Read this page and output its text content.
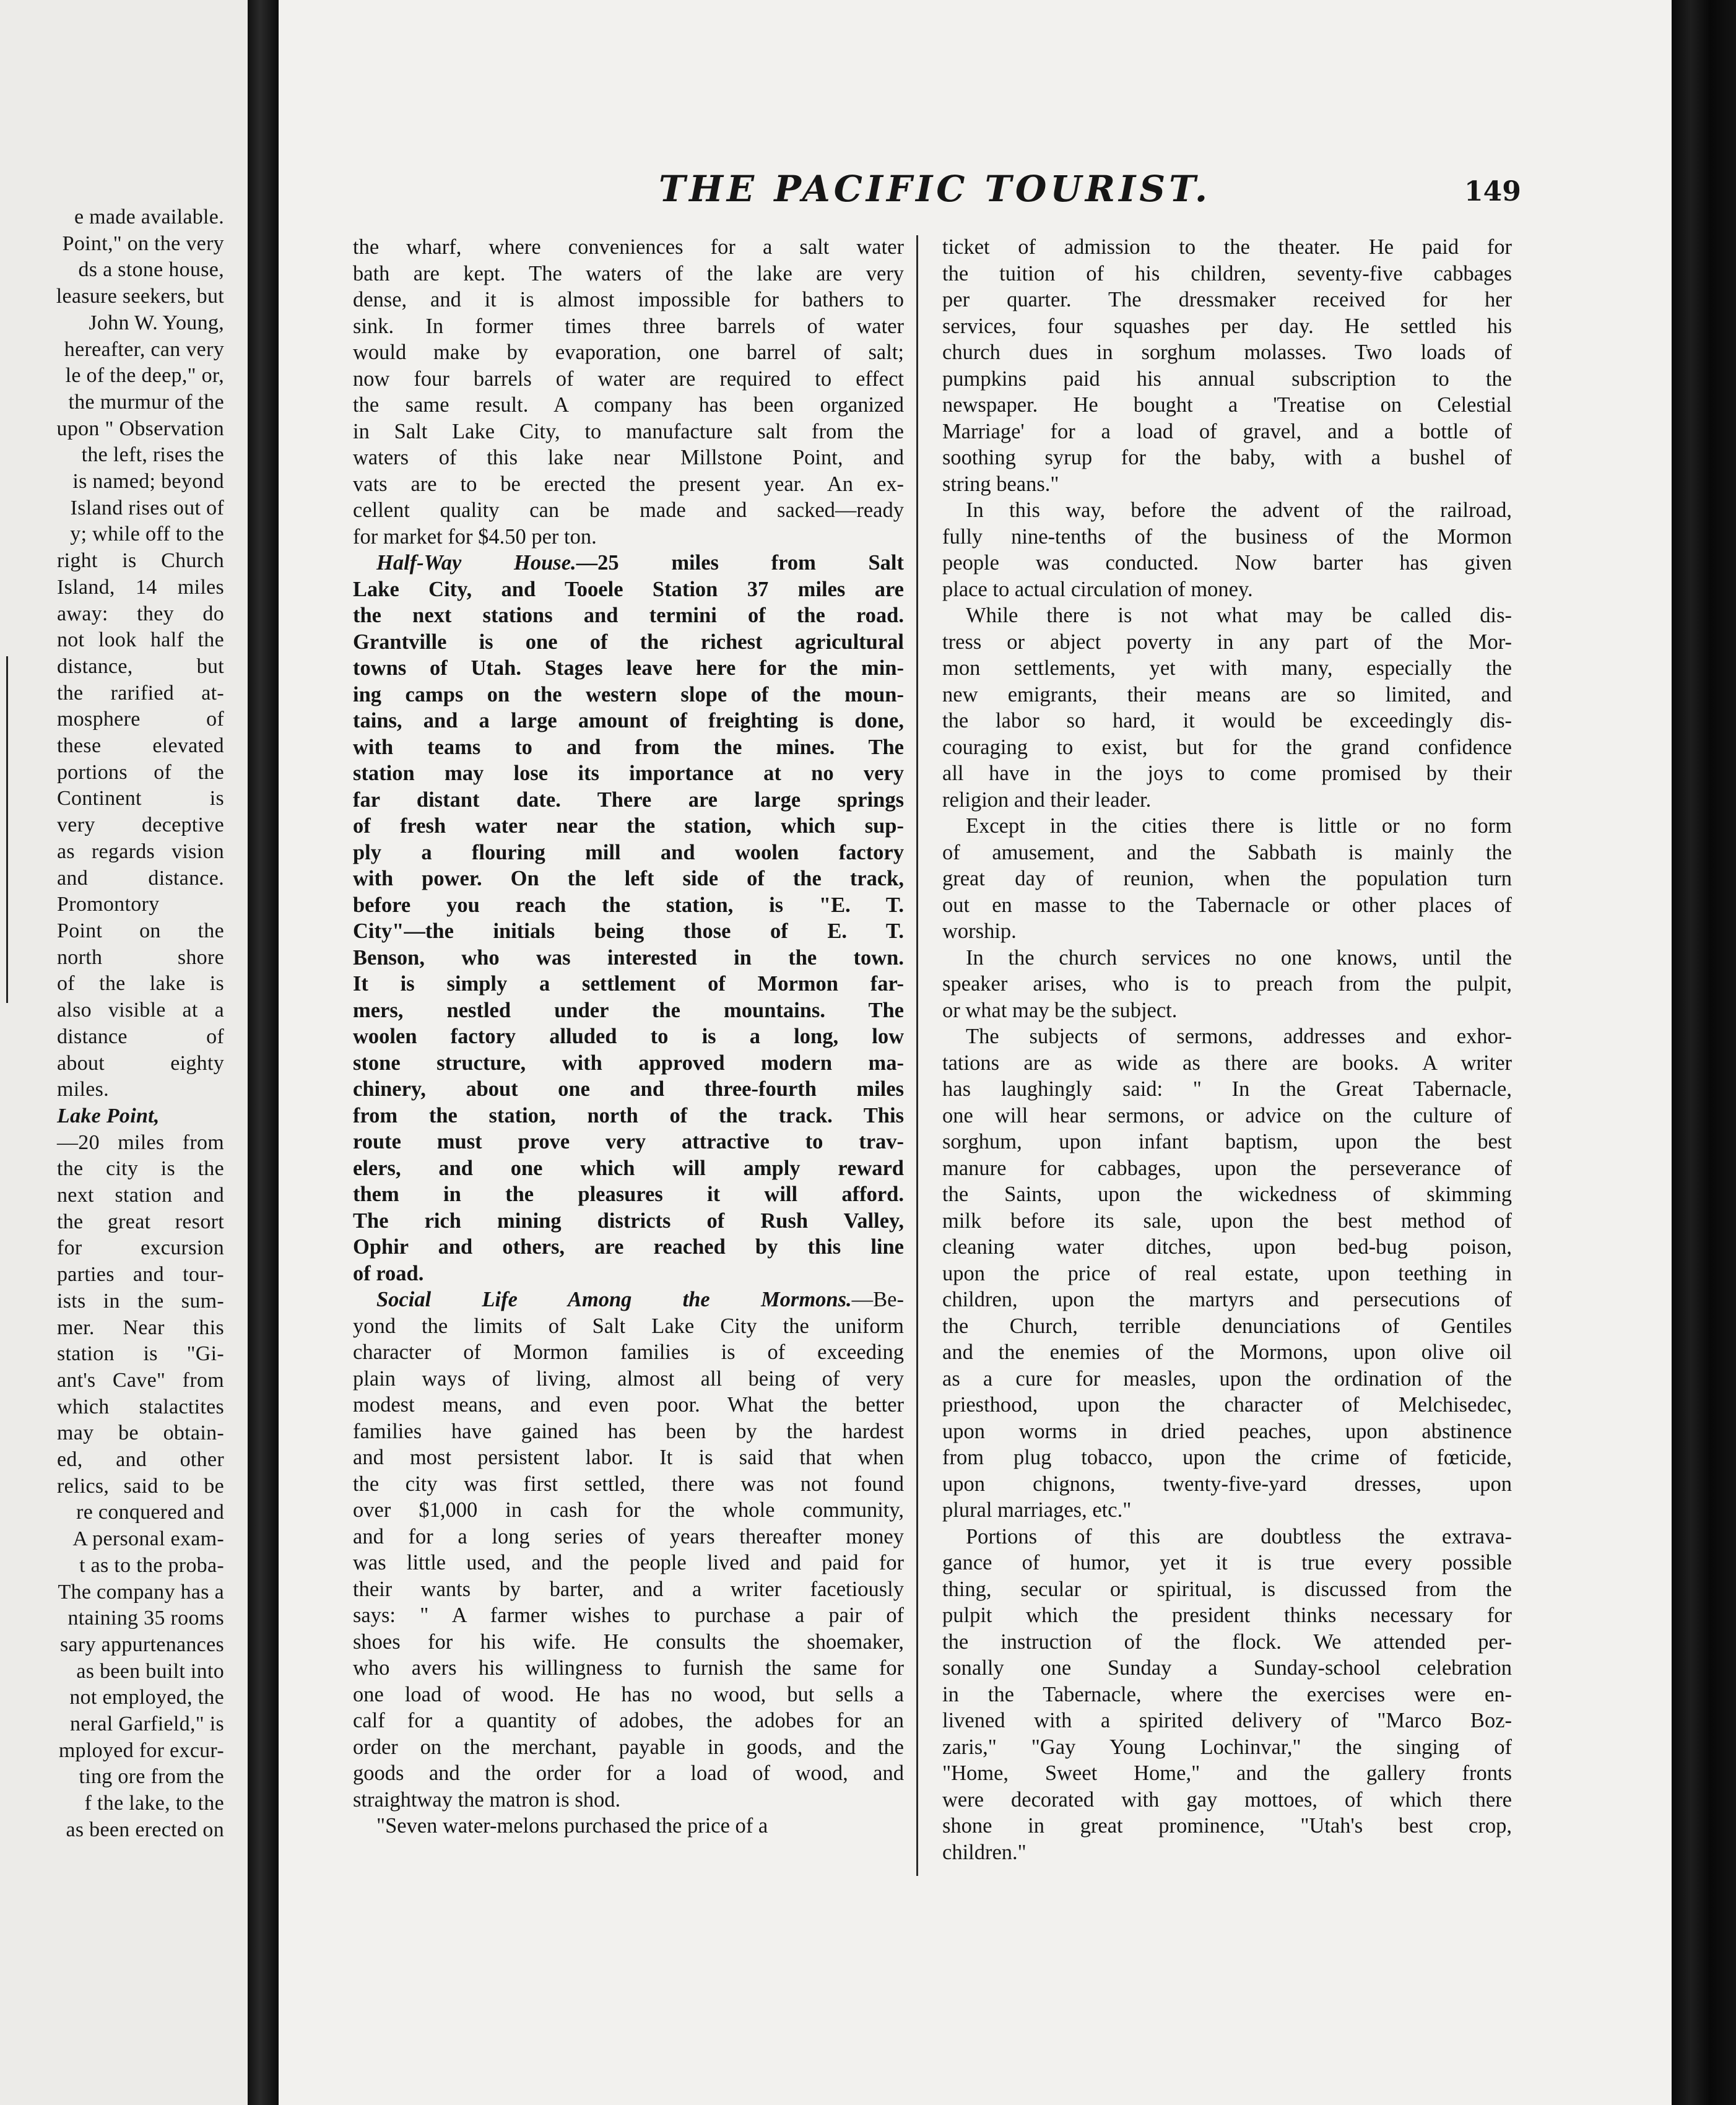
e made available.
Point," on the very
ds a stone house,
leasure seekers, but
John W. Young,
hereafter, can very
le of the deep," or,
the murmur of the
upon " Observation
the left, rises the
is named; beyond
Island rises out of
y; while off to the
right is Church
Island, 14 miles
away: they do
not look half the
distance, but
the rarified at-
mosphere of
these elevated
portions of the
Continent is
very deceptive
as regards vision
and distance.
Promontory
Point on the
north shore
of the lake is
also visible at a
distance of
about eighty
miles.
Lake Point,
—20 miles from
the city is the
next station and
the great resort
for excursion
parties and tour-
ists in the sum-
mer. Near this
station is "Gi-
ant's Cave" from
which stalactites
may be obtain-
ed, and other
relics, said to be
re conquered and
A personal exam-
t as to the proba-
The company has a
ntaining 35 rooms
sary appurtenances
as been built into
not employed, the
neral Garfield," is
mployed for excur-
ting ore from the
f the lake, to the
as been erected on
THE PACIFIC TOURIST.	149
the wharf, where conveniences for a salt water
bath are kept. The waters of the lake are very
dense, and it is almost impossible for bathers to
sink. In former times three barrels of water
would make by evaporation, one barrel of salt;
now four barrels of water are required to effect
the same result. A company has been organized
in Salt Lake City, to manufacture salt from the
waters of this lake near Millstone Point, and
vats are to be erected the present year. An ex-
cellent quality can be made and sacked—ready
for market for $4.50 per ton.
Half-Way House.—25 miles from Salt
Lake City, and Tooele Station 37 miles are
the next stations and termini of the road.
Grantville is one of the richest agricultural
towns of Utah. Stages leave here for the min-
ing camps on the western slope of the moun-
tains, and a large amount of freighting is done,
with teams to and from the mines. The
station may lose its importance at no very
far distant date. There are large springs
of fresh water near the station, which sup-
ply a flouring mill and woolen factory
with power. On the left side of the track,
before you reach the station, is "E. T.
City"—the initials being those of E. T.
Benson, who was interested in the town.
It is simply a settlement of Mormon far-
mers, nestled under the mountains. The
woolen factory alluded to is a long, low
stone structure, with approved modern ma-
chinery, about one and three-fourth miles
from the station, north of the track. This
route must prove very attractive to trav-
elers, and one which will amply reward
them in the pleasures it will afford.
The rich mining districts of Rush Valley,
Ophir and others, are reached by this line
of road.
Social Life Among the Mormons.—Be-
yond the limits of Salt Lake City the uniform
character of Mormon families is of exceeding
plain ways of living, almost all being of very
modest means, and even poor. What the better
families have gained has been by the hardest
and most persistent labor. It is said that when
the city was first settled, there was not found
over $1,000 in cash for the whole community,
and for a long series of years thereafter money
was little used, and the people lived and paid for
their wants by barter, and a writer facetiously
says: " A farmer wishes to purchase a pair of
shoes for his wife. He consults the shoemaker,
who avers his willingness to furnish the same for
one load of wood. He has no wood, but sells a
calf for a quantity of adobes, the adobes for an
order on the merchant, payable in goods, and the
goods and the order for a load of wood, and
straightway the matron is shod.
"Seven water-melons purchased the price of a
ticket of admission to the theater. He paid for
the tuition of his children, seventy-five cabbages
per quarter. The dressmaker received for her
services, four squashes per day. He settled his
church dues in sorghum molasses. Two loads of
pumpkins paid his annual subscription to the
newspaper. He bought a 'Treatise on Celestial
Marriage' for a load of gravel, and a bottle of
soothing syrup for the baby, with a bushel of
string beans."
In this way, before the advent of the railroad,
fully nine-tenths of the business of the Mormon
people was conducted. Now barter has given
place to actual circulation of money.
While there is not what may be called dis-
tress or abject poverty in any part of the Mor-
mon settlements, yet with many, especially the
new emigrants, their means are so limited, and
the labor so hard, it would be exceedingly dis-
couraging to exist, but for the grand confidence
all have in the joys to come promised by their
religion and their leader.
Except in the cities there is little or no form
of amusement, and the Sabbath is mainly the
great day of reunion, when the population turn
out en masse to the Tabernacle or other places of
worship.
In the church services no one knows, until the
speaker arises, who is to preach from the pulpit,
or what may be the subject.
The subjects of sermons, addresses and exhor-
tations are as wide as there are books. A writer
has laughingly said: " In the Great Tabernacle,
one will hear sermons, or advice on the culture of
sorghum, upon infant baptism, upon the best
manure for cabbages, upon the perseverance of
the Saints, upon the wickedness of skimming
milk before its sale, upon the best method of
cleaning water ditches, upon bed-bug poison,
upon the price of real estate, upon teething in
children, upon the martyrs and persecutions of
the Church, terrible denunciations of Gentiles
and the enemies of the Mormons, upon olive oil
as a cure for measles, upon the ordination of the
priesthood, upon the character of Melchisedec,
upon worms in dried peaches, upon abstinence
from plug tobacco, upon the crime of fœticide,
upon chignons, twenty-five-yard dresses, upon
plural marriages, etc."
Portions of this are doubtless the extrava-
gance of humor, yet it is true every possible
thing, secular or spiritual, is discussed from the
pulpit which the president thinks necessary for
the instruction of the flock. We attended per-
sonally one Sunday a Sunday-school celebration
in the Tabernacle, where the exercises were en-
livened with a spirited delivery of "Marco Boz-
zaris," "Gay Young Lochinvar," the singing of
"Home, Sweet Home," and the gallery fronts
were decorated with gay mottoes, of which there
shone in great prominence, "Utah's best crop,
children."
